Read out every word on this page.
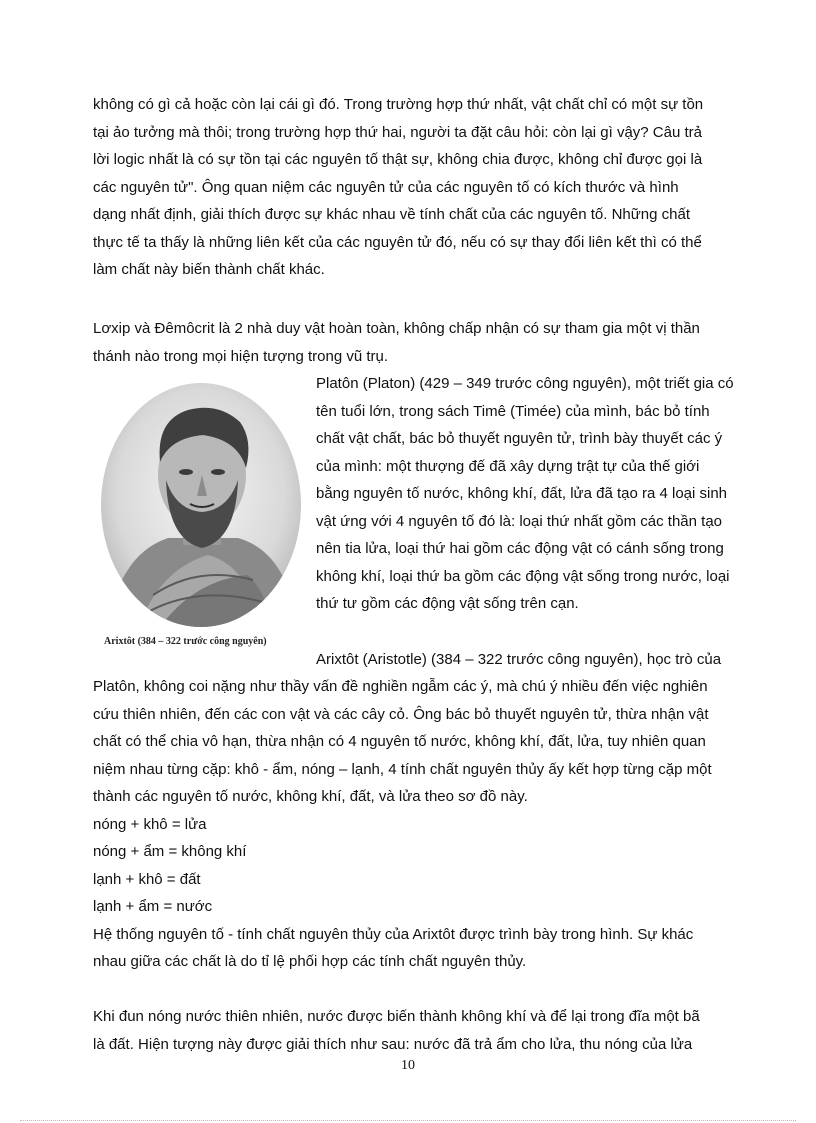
không có gì cả hoặc còn lại cái gì đó. Trong trường hợp thứ nhất, vật chất chỉ có một sự tồn
tại ảo tưởng mà thôi; trong trường hợp thứ hai, người ta đặt câu hỏi: còn lại gì vậy? Câu trả
lời logic nhất là có sự tồn tại các nguyên tố thật sự, không chia được, không chỉ được gọi là
các nguyên tử". Ông quan niệm các nguyên tử của các nguyên tố có kích thước và hình
dạng nhất định, giải thích được sự khác nhau về tính chất của các nguyên tố. Những chất
thực tế ta thấy là những liên kết của các nguyên tử đó, nếu có sự thay đổi liên kết thì có thể
làm chất này biến thành chất khác.
Lơxip và Đêmôcrit là 2 nhà duy vật hoàn toàn, không chấp nhận có sự tham gia một vị thần
thánh nào trong mọi hiện tượng trong vũ trụ.
Arixtôt (384 – 322 trước công nguyên)
Platôn (Platon) (429 – 349 trước công nguyên), một triết gia có
tên tuổi lớn, trong sách Timê (Timée) của mình, bác bỏ tính
chất vật chất, bác bỏ thuyết nguyên tử, trình bày thuyết các ý
của mình: một thượng đế đã xây dựng trật tự của thế giới
bằng nguyên tố nước, không khí, đất, lửa đã tạo ra 4 loại sinh
vật ứng với 4 nguyên tố đó là: loại thứ nhất gồm các thần tạo
nên tia lửa, loại thứ hai gồm các động vật có cánh sống trong
không khí, loại thứ ba gồm các động vật sống trong nước, loại
thứ tư gồm các động vật sống trên cạn.
Arixtôt (Aristotle) (384 – 322 trước công nguyên), học trò của
Platôn, không coi nặng như thầy vấn đề nghiền ngẫm các ý, mà chú ý nhiều đến việc nghiên
cứu thiên nhiên, đến các con vật và các cây cỏ. Ông bác bỏ thuyết nguyên tử, thừa nhận vật
chất có thể chia vô hạn, thừa nhận có 4 nguyên tố nước, không khí, đất, lửa, tuy nhiên quan
niệm nhau từng cặp: khô - ẩm, nóng – lạnh, 4 tính chất nguyên thủy ấy kết hợp từng cặp một
thành các nguyên tố nước, không khí, đất, và lửa theo sơ đồ này.
nóng + khô = lửa
nóng + ẩm = không khí
lạnh + khô = đất
lạnh + ẩm = nước
Hệ thống nguyên tố - tính chất nguyên thủy của Arixtôt được trình bày trong hình. Sự khác
nhau giữa các chất là do tỉ lệ phối hợp các tính chất nguyên thủy.
Khi đun nóng nước thiên nhiên, nước được biến thành không khí và để lại trong đĩa một bã
là đất. Hiện tượng này được giải thích như sau: nước đã trả ẩm cho lửa, thu nóng của lửa
10
